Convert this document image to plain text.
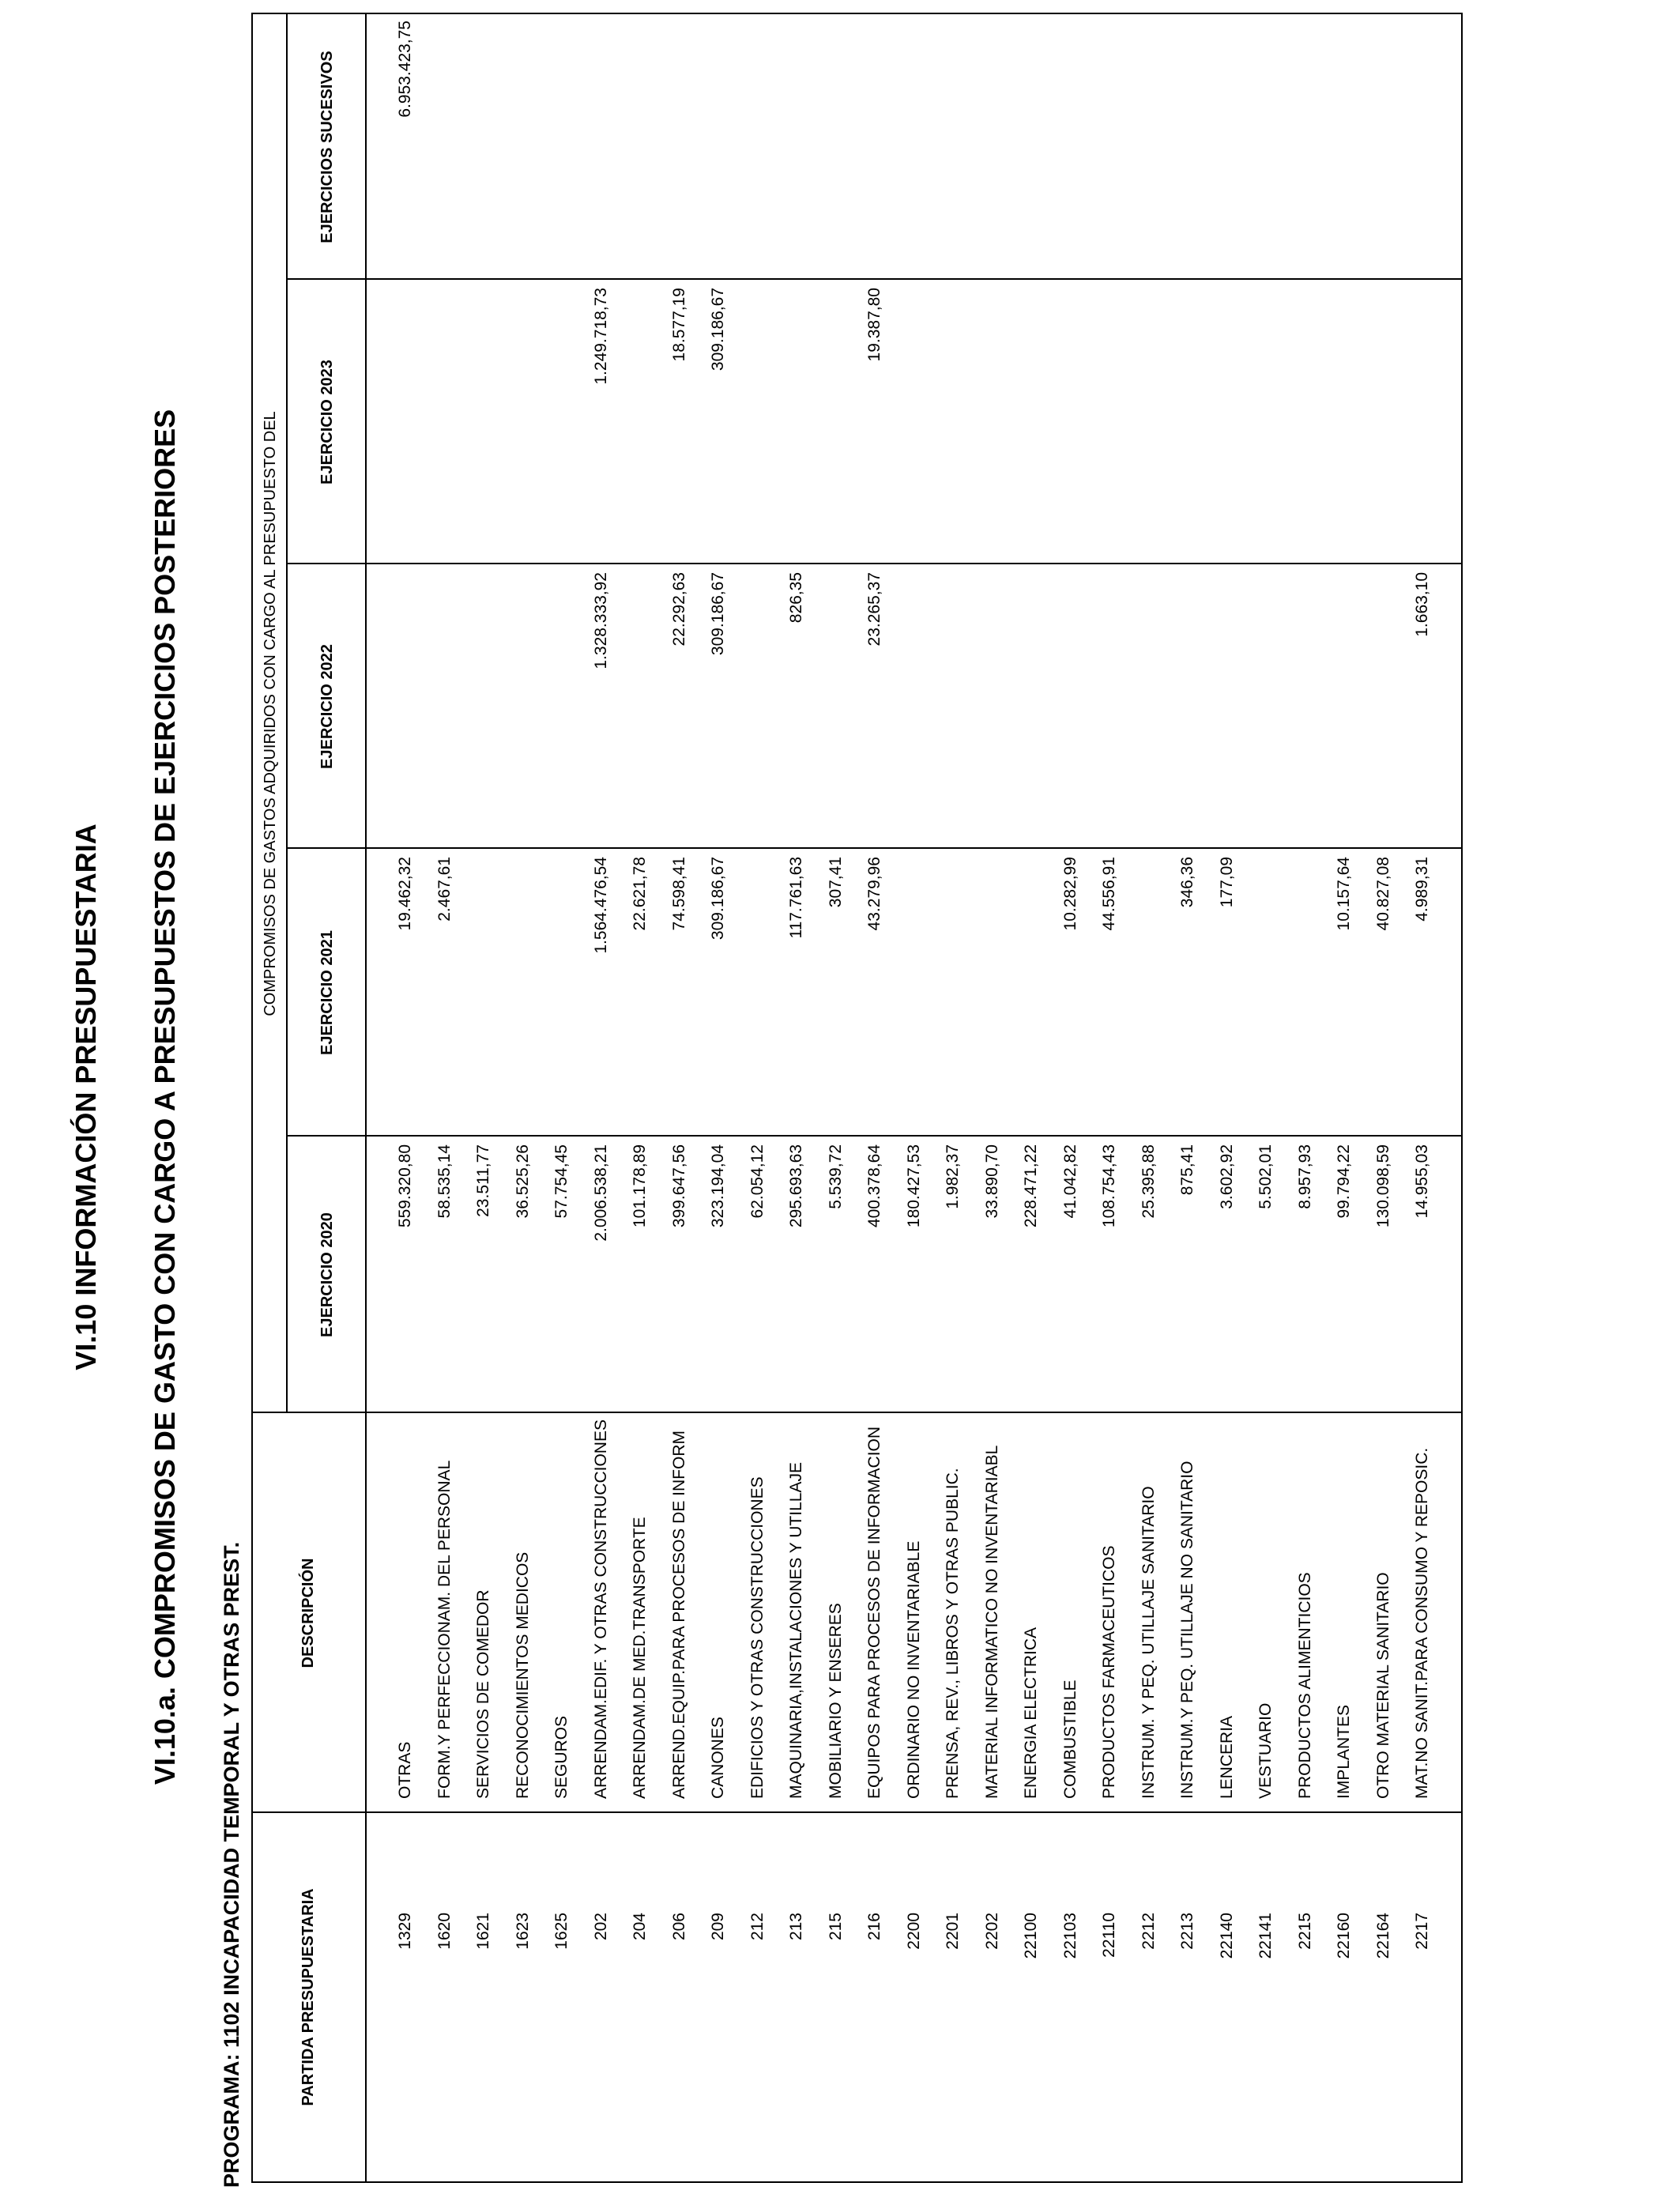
VI.10 INFORMACIÓN PRESUPUESTARIA VI.10.a. COMPROMISOS DE GASTO CON CARGO A PRESUPUESTOS DE EJERCICIOS POSTERIORES
PROGRAMA: 1102 INCAPACIDAD TEMPORAL Y OTRAS PREST.	PARTIDA PRESUPUESTARIA
DESCRIPCIÓN
COMPROMISOS DE GASTOS ADQUIRIDOS CON CARGO AL PRESUPUESTO DEL
EJERCICIO 2020
EJERCICIO 2021
EJERCICIO 2022
EJERCICIO 2023
EJERCICIOS SUCESIVOS
1329
OTRAS
559.320,80
19.462,32
6.953.423,75
1620
FORM.Y PERFECCIONAM. DEL PERSONAL
58.535,14
2.467,61
1621
SERVICIOS DE COMEDOR
23.511,77
1623
RECONOCIMIENTOS MEDICOS
36.525,26
1625
SEGUROS
57.754,45
202
ARRENDAM.EDIF. Y OTRAS CONSTRUCCIONES
2.006.538,21
1.564.476,54
1.328.333,92
1.249.718,73
204
ARRENDAM.DE MED.TRANSPORTE
101.178,89
22.621,78
206
ARREND.EQUIP.PARA PROCESOS DE INFORM
399.647,56
74.598,41
22.292,63
18.577,19
209
CANONES
323.194,04
309.186,67
309.186,67
309.186,67
212
EDIFICIOS Y OTRAS CONSTRUCCIONES
62.054,12
213
MAQUINARIA,INSTALACIONES Y UTILLAJE
295.693,63
117.761,63
826,35
215
MOBILIARIO Y ENSERES
5.539,72
307,41
216
EQUIPOS PARA PROCESOS DE INFORMACION
400.378,64
43.279,96
23.265,37
19.387,80
2200
ORDINARIO NO INVENTARIABLE
180.427,53
2201
PRENSA, REV., LIBROS Y OTRAS PUBLIC.
1.982,37
2202
MATERIAL INFORMATICO NO INVENTARIABL
33.890,70
22100
ENERGIA ELECTRICA
228.471,22
22103
COMBUSTIBLE
41.042,82
10.282,99
22110
PRODUCTOS FARMACEUTICOS
108.754,43
44.556,91
2212
INSTRUM. Y PEQ. UTILLAJE SANITARIO
25.395,88
2213
INSTRUM.Y PEQ. UTILLAJE NO SANITARIO
875,41
346,36
22140
LENCERIA
3.602,92
177,09
22141
VESTUARIO
5.502,01
2215
PRODUCTOS ALIMENTICIOS
8.957,93
22160
IMPLANTES
99.794,22
10.157,64
22164
OTRO MATERIAL SANITARIO
130.098,59
40.827,08
2217
MAT.NO SANIT.PARA CONSUMO Y REPOSIC.
14.955,03
4.989,31
1.663,10
